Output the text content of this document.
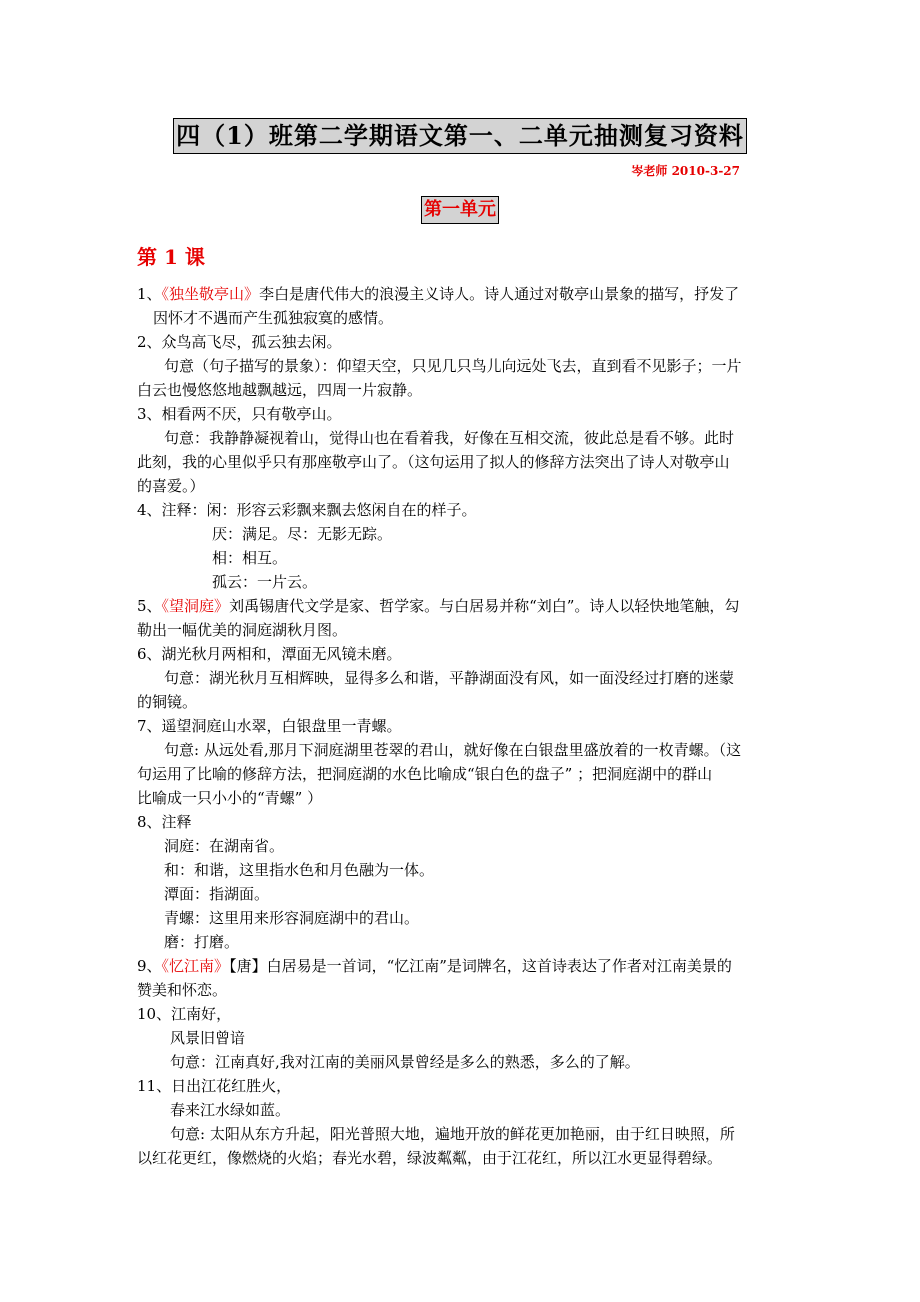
四（1）班第二学期语文第一、二单元抽测复习资料
岑老师 2010-3-27
第一单元
第 1 课
1、《独坐敬亭山》李白是唐代伟大的浪漫主义诗人。诗人通过对敬亭山景象的描写，抒发了
因怀才不遇而产生孤独寂寞的感情。
2、众鸟高飞尽，孤云独去闲。
句意（句子描写的景象）：仰望天空，只见几只鸟儿向远处飞去，直到看不见影子；一片
白云也慢悠悠地越飘越远，四周一片寂静。
3、相看两不厌，只有敬亭山。
句意：我静静凝视着山，觉得山也在看着我，好像在互相交流，彼此总是看不够。此时
此刻，我的心里似乎只有那座敬亭山了。（这句运用了拟人的修辞方法突出了诗人对敬亭山
的喜爱。）
4、注释：闲：形容云彩飘来飘去悠闲自在的样子。
厌：满足。尽：无影无踪。
相：相互。
孤云：一片云。
5、《望洞庭》刘禹锡唐代文学是家、哲学家。与白居易并称“刘白”。诗人以轻快地笔触，勾
勒出一幅优美的洞庭湖秋月图。
6、湖光秋月两相和，潭面无风镜未磨。
句意：湖光秋月互相辉映，显得多么和谐，平静湖面没有风，如一面没经过打磨的迷蒙
的铜镜。
7、遥望洞庭山水翠，白银盘里一青螺。
句意: 从远处看,那月下洞庭湖里苍翠的君山，就好像在白银盘里盛放着的一枚青螺。（这
句运用了比喻的修辞方法，把洞庭湖的水色比喻成“银白色的盘子” ；把洞庭湖中的群山
比喻成一只小小的“青螺” ）
8、注释
洞庭：在湖南省。
和：和谐，这里指水色和月色融为一体。
潭面：指湖面。
青螺：这里用来形容洞庭湖中的君山。
磨：打磨。
9、《忆江南》【唐】白居易是一首词，“忆江南”是词牌名，这首诗表达了作者对江南美景的
赞美和怀恋。
10、江南好，
风景旧曾谙
句意：江南真好,我对江南的美丽风景曾经是多么的熟悉，多么的了解。
11、日出江花红胜火，
春来江水绿如蓝。
句意: 太阳从东方升起，阳光普照大地，遍地开放的鲜花更加艳丽，由于红日映照，所
以红花更红，像燃烧的火焰；春光水碧，绿波粼粼，由于江花红，所以江水更显得碧绿。
